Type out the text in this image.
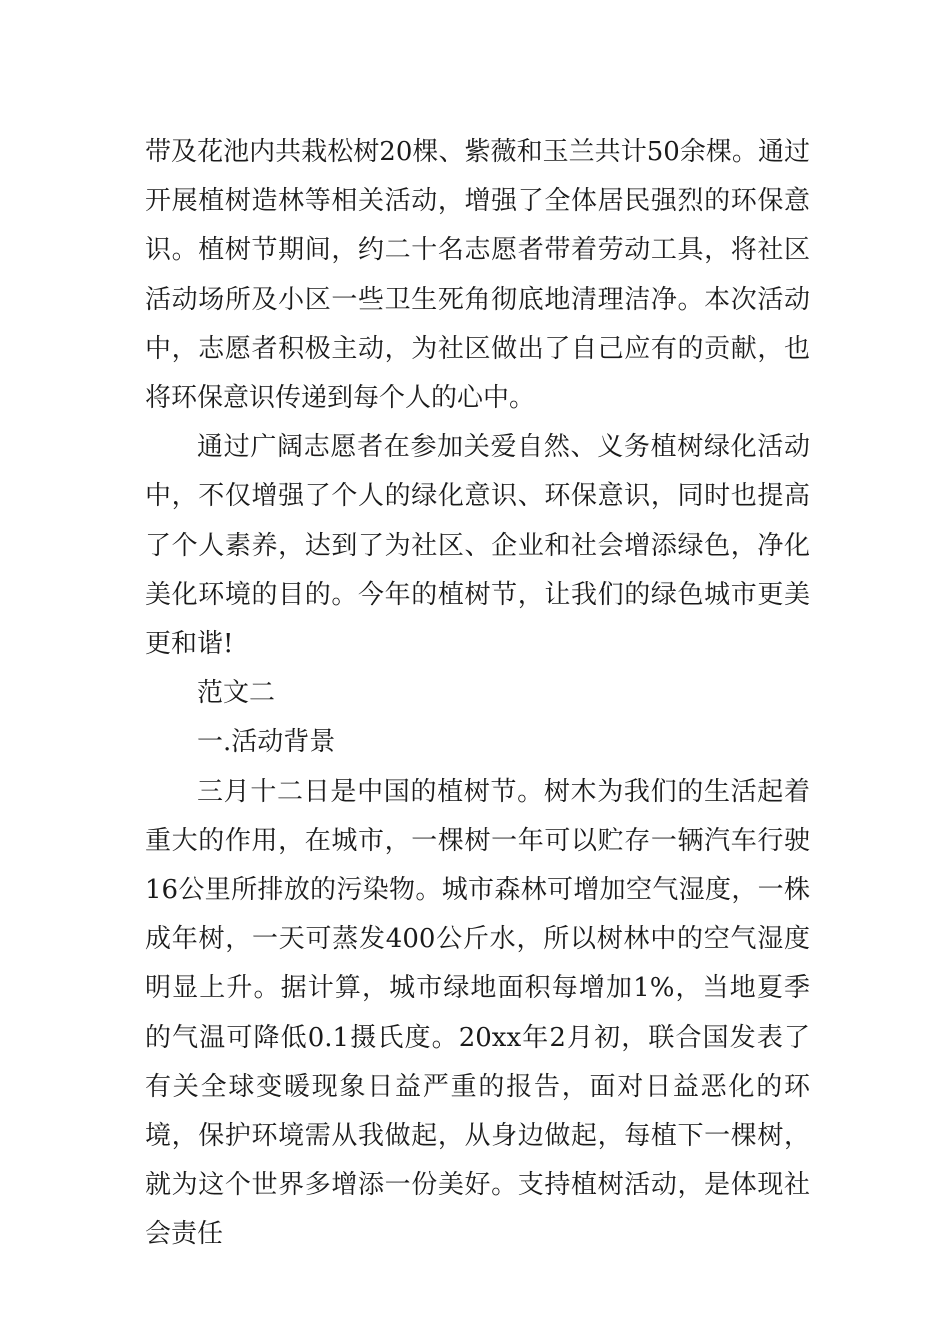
带及花池内共栽松树20棵、紫薇和玉兰共计50余棵。通过开展植树造林等相关活动，增强了全体居民强烈的环保意识。植树节期间，约二十名志愿者带着劳动工具，将社区活动场所及小区一些卫生死角彻底地清理洁净。本次活动中，志愿者积极主动，为社区做出了自己应有的贡献，也将环保意识传递到每个人的心中。

通过广阔志愿者在参加关爱自然、义务植树绿化活动中，不仅增强了个人的绿化意识、环保意识，同时也提高了个人素养，达到了为社区、企业和社会增添绿色，净化美化环境的目的。今年的植树节，让我们的绿色城市更美更和谐!

范文二

一.活动背景

三月十二日是中国的植树节。树木为我们的生活起着重大的作用，在城市，一棵树一年可以贮存一辆汽车行驶16公里所排放的污染物。城市森林可增加空气湿度，一株成年树，一天可蒸发400公斤水，所以树林中的空气湿度明显上升。据计算，城市绿地面积每增加1%，当地夏季的气温可降低0.1摄氏度。20xx年2月初，联合国发表了有关全球变暖现象日益严重的报告，面对日益恶化的环境，保护环境需从我做起，从身边做起，每植下一棵树，就为这个世界多增添一份美好。支持植树活动，是体现社会责任
